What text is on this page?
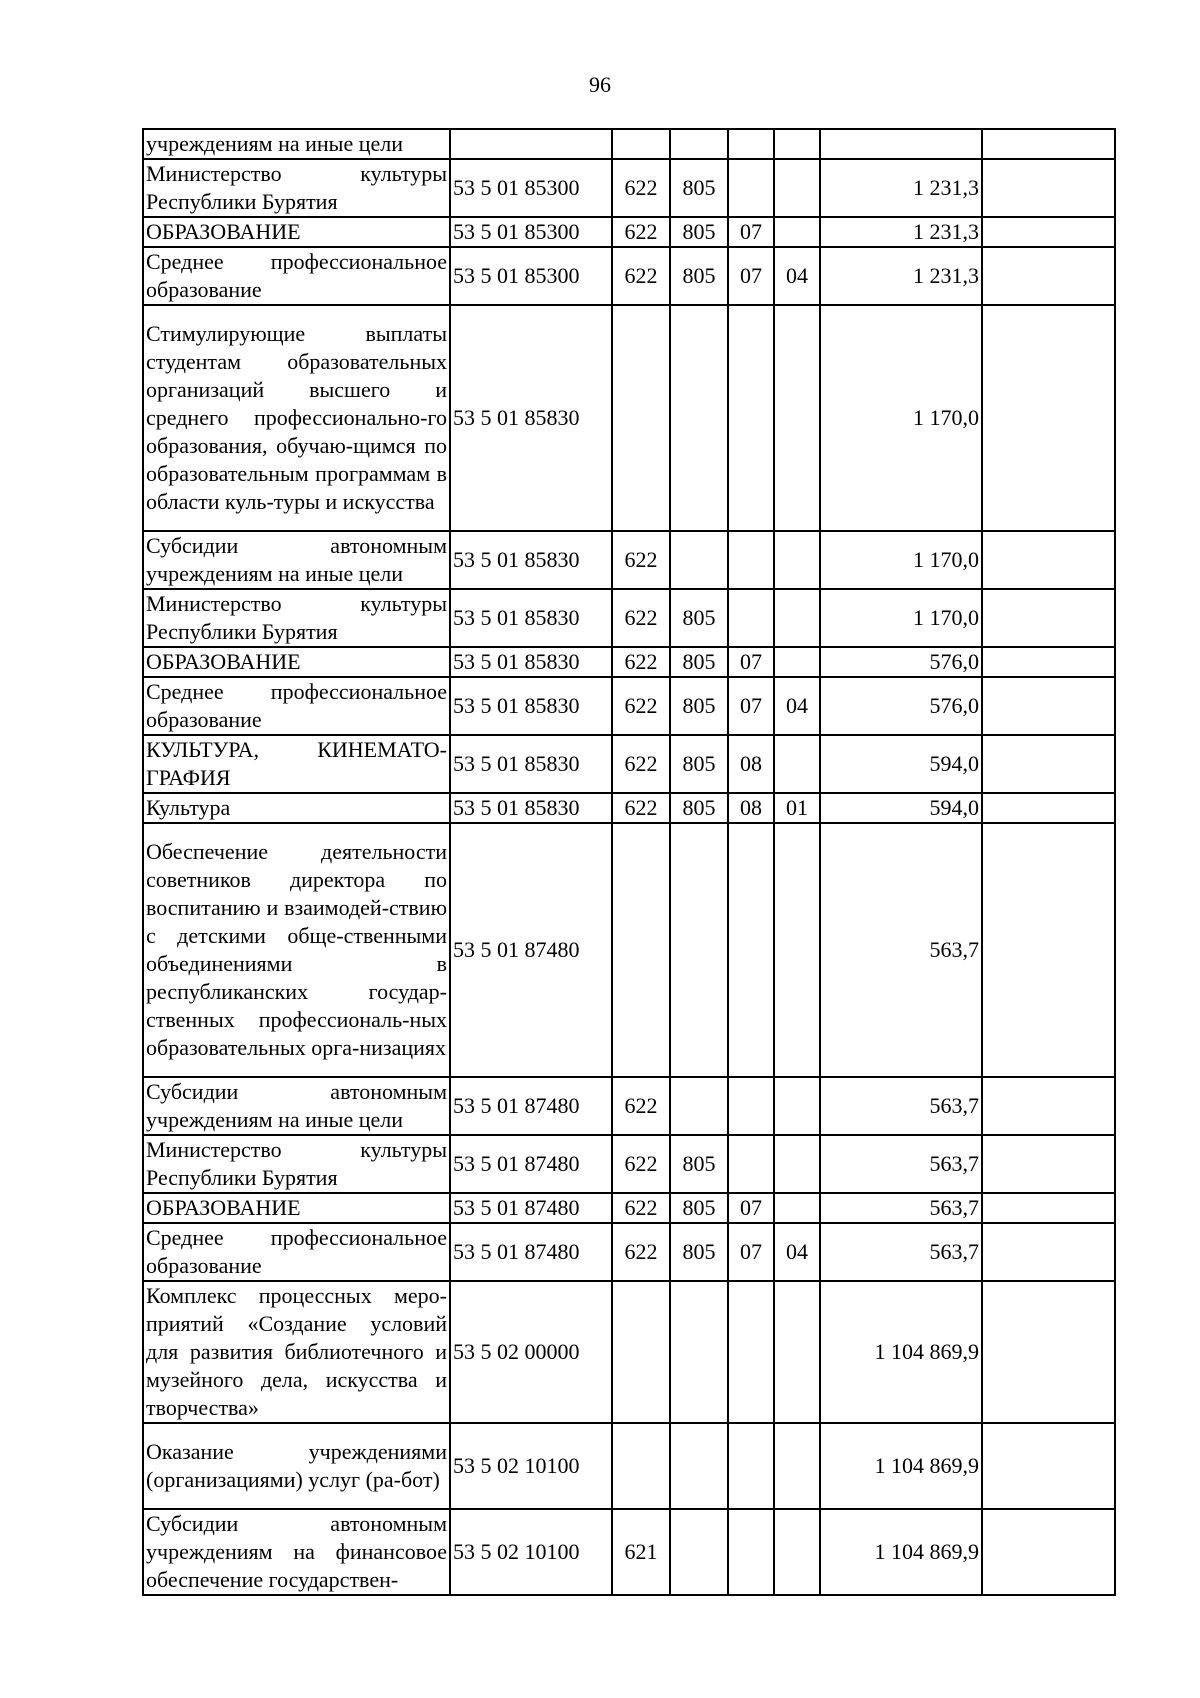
96
учреждениям на иные цели							
Министерство культуры Республики Бурятия	53 5 01 85300	622	805			1 231,3	
ОБРАЗОВАНИЕ	53 5 01 85300	622	805	07		1 231,3	
Среднее профессиональное образование	53 5 01 85300	622	805	07	04	1 231,3	
Стимулирующие выплаты студентам образовательных организаций высшего и среднего профессионально-го образования, обучаю-щимся по образовательным программам в области куль-туры и искусства	53 5 01 85830					1 170,0	
Субсидии автономным учреждениям на иные цели	53 5 01 85830	622				1 170,0	
Министерство культуры Республики Бурятия	53 5 01 85830	622	805			1 170,0	
ОБРАЗОВАНИЕ	53 5 01 85830	622	805	07		576,0	
Среднее профессиональное образование	53 5 01 85830	622	805	07	04	576,0	
КУЛЬТУРА, КИНЕМАТО-ГРАФИЯ	53 5 01 85830	622	805	08		594,0	
Культура	53 5 01 85830	622	805	08	01	594,0	
Обеспечение деятельности советников директора по воспитанию и взаимодей-ствию с детскими обще-ственными объединениями в республиканских государ-ственных профессиональ-ных образовательных орга-низациях	53 5 01 87480					563,7	
Субсидии автономным учреждениям на иные цели	53 5 01 87480	622				563,7	
Министерство культуры Республики Бурятия	53 5 01 87480	622	805			563,7	
ОБРАЗОВАНИЕ	53 5 01 87480	622	805	07		563,7	
Среднее профессиональное образование	53 5 01 87480	622	805	07	04	563,7	
Комплекс процессных меро-приятий «Создание условий для развития библиотечного и музейного дела, искусства и творчества»	53 5 02 00000					1 104 869,9	
Оказание учреждениями (организациями) услуг (ра-бот)	53 5 02 10100					1 104 869,9	
Субсидии автономным учреждениям на финансовое обеспечение государствен-	53 5 02 10100	621				1 104 869,9	
